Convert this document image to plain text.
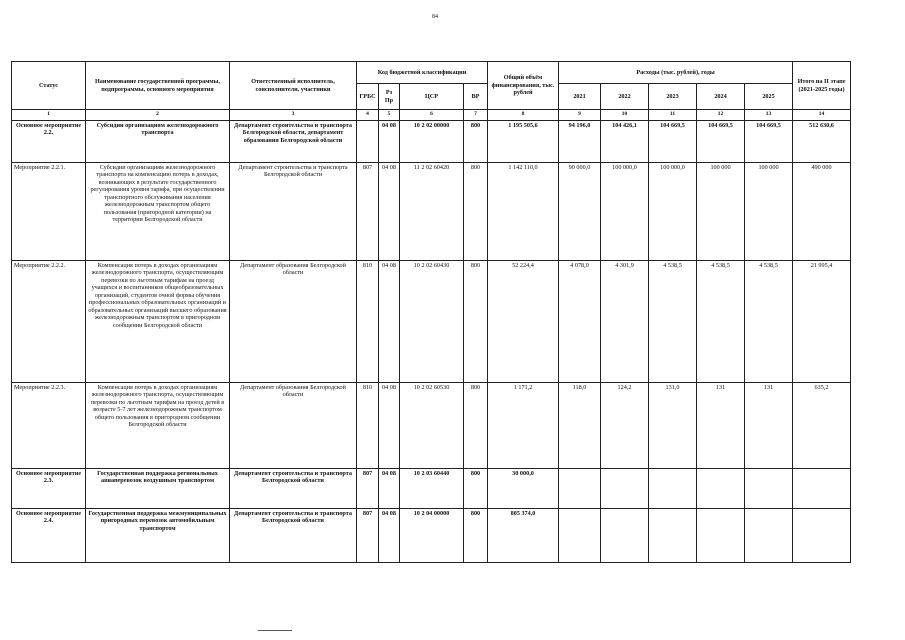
84
Статус	Наименование государственной программы, подпрограммы, основного мероприятия	Ответственный исполнитель, соисполнители, участники	Код бюджетной классификации				Общий объём финансирования, тыс. рублей	Расходы (тыс. рублей), годы					Итого на II этапе (2021-2025 годы)
			ГРБС	Рз Пр	ЦСР	ВР		2021	2022	2023	2024	2025	
1	2	3	4	5	6	7	8	9	10	11	12	13	14
Основное мероприятие 2.2.	Субсидии организациям железнодорожного транспорта	Департамент строительства и транспорта Белгородской области, департамент образования Белгородской области		04 08	10 2 02 00000	800	1 195 505,6	94 196,0	104 426,1	104 669,5	104 669,5	104 669,5	512 630,6
Мероприятие 2.2.1.	Субсидии организациям железнодорожного транспорта на компенсацию потерь в доходах, возникающих в результате государственного регулирования уровня тарифа, при осуществлении транспортного обслуживания населения железнодорожным транспортом общего пользования (пригородной категории) на территории Белгородской области	Департамент строительства и транспорта Белгородской области	807	04 08	11 2 02 60420	800	1 142 110,0	90 000,0	100 000,0	100 000,0	100 000	100 000	490 000
Мероприятие 2.2.2.	Компенсация потерь в доходах организациям железнодорожного транспорта, осуществляющим перевозки по льготным тарифам на проезд учащихся и воспитанников общеобразовательных организаций, студентов очной формы обучения профессиональных образовательных организаций и образовательных организаций высшего образования железнодорожным транспортом в пригородном сообщении Белгородской области	Департамент образования Белгородской области	810	04 08	10 2 02 60430	800	52 224,4	4 078,0	4 301,9	4 538,5	4 538,5	4 538,5	21 995,4
Мероприятие 2.2.3.	Компенсация потерь в доходах организациям железнодорожного транспорта, осуществляющим перевозки по льготным тарифам на проезд детей в возрасте 5-7 лет железнодорожным транспортом общего пользования в пригородном сообщении Белгородской области	Департамент образования Белгородской области	810	04 08	10 2 02 60530	800	1 171,2	118,0	124,2	131,0	131	131	635,2
Основное мероприятие 2.3.	Государственная поддержка региональных авиаперевозок воздушным транспортом	Департамент строительства и транспорта Белгородской области	807	04 08	10 2 03 60440	800	30 000,0						
Основное мероприятие 2.4.	Государственная поддержка межмуниципальных пригородных перевозок автомобильным транспортом	Департамент строительства и транспорта Белгородской области	807	04 08	10 2 04 00000	800	805 374,0						
